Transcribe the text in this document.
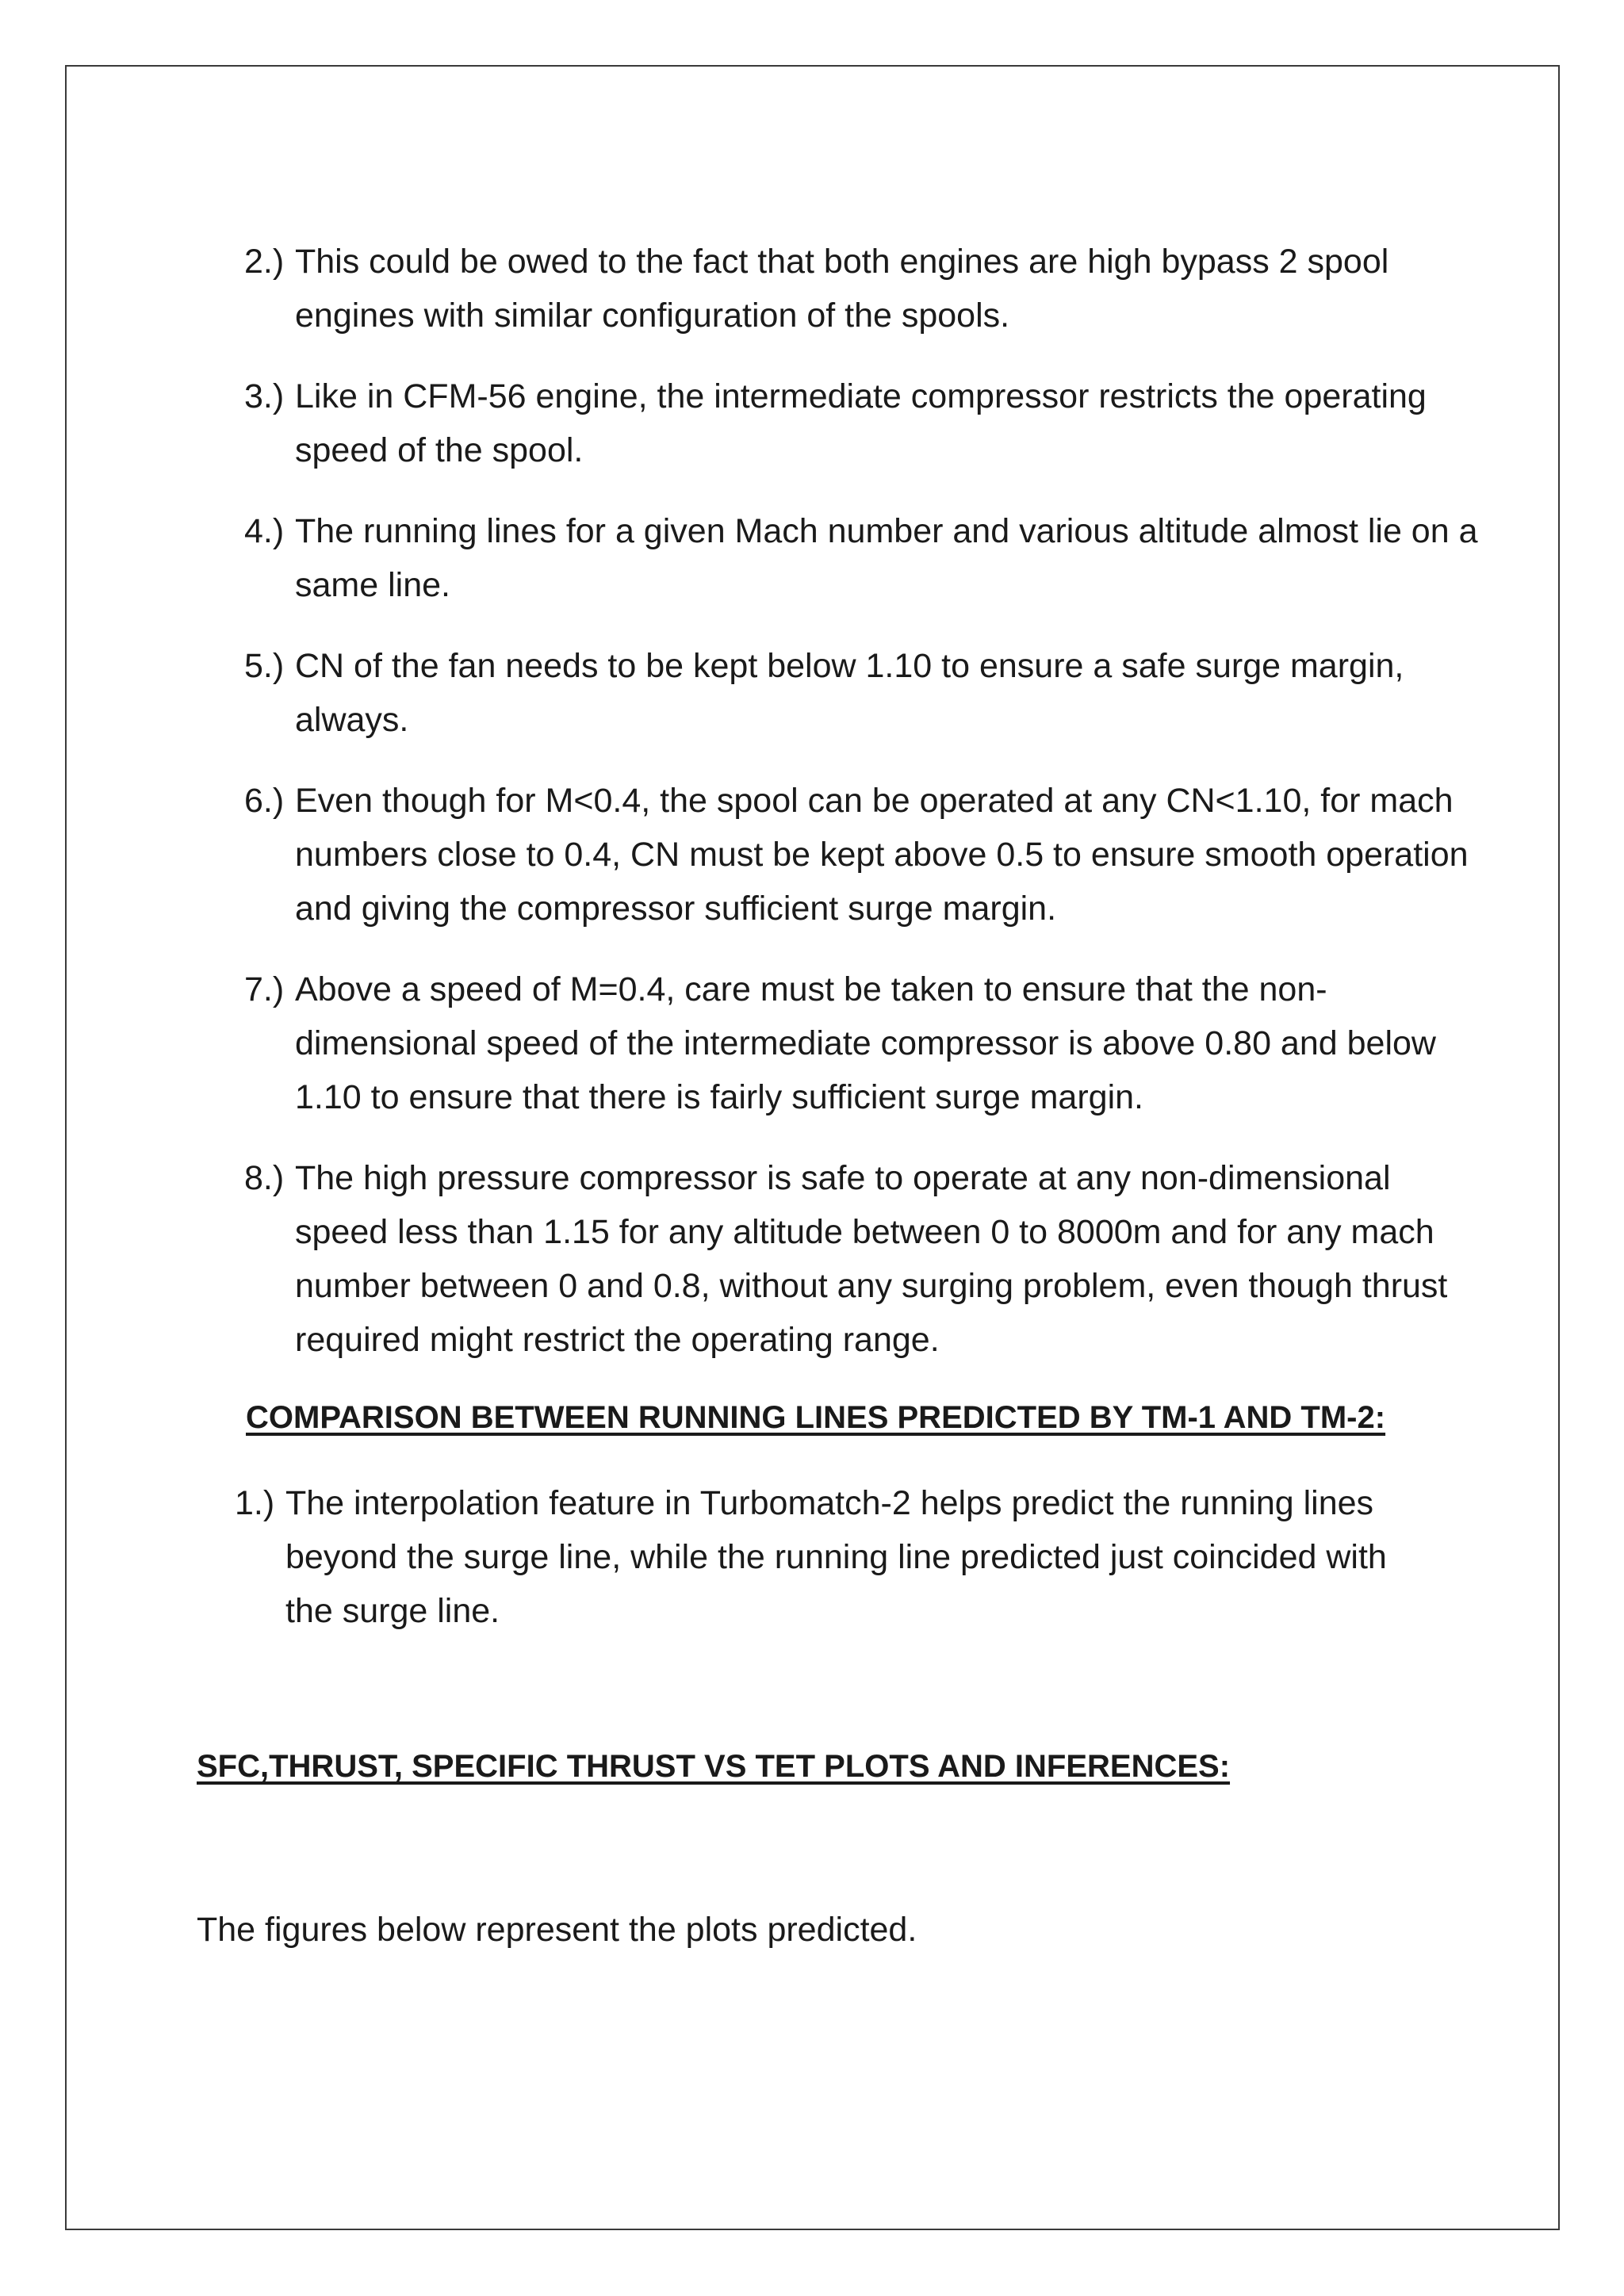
2.) This could be owed to the fact that both engines are high bypass 2 spool engines with similar configuration of the spools.
3.) Like in CFM-56 engine, the intermediate compressor restricts the operating speed of the spool.
4.) The running lines for a given Mach number and various altitude almost lie on a same line.
5.) CN of the fan needs to be kept below 1.10 to ensure a safe surge margin, always.
6.) Even though for M<0.4, the spool can be operated at any CN<1.10, for mach numbers close to 0.4, CN must be kept above 0.5 to ensure smooth operation and giving the compressor sufficient surge margin.
7.) Above a speed of M=0.4, care must be taken to ensure that the non-dimensional speed of the intermediate compressor is above 0.80 and below 1.10 to ensure that there is fairly sufficient surge margin.
8.) The high pressure compressor is safe to operate at any non-dimensional speed less than 1.15 for any altitude between 0 to 8000m and for any mach number between 0 and 0.8, without any surging problem, even though thrust required might restrict the operating range.
COMPARISON BETWEEN RUNNING LINES PREDICTED BY TM-1 AND TM-2:
1.) The interpolation feature in Turbomatch-2 helps predict the running lines beyond the surge line, while the running line predicted just coincided with the surge line.
SFC,THRUST, SPECIFIC THRUST VS TET PLOTS AND INFERENCES:
The figures below represent the plots predicted.
